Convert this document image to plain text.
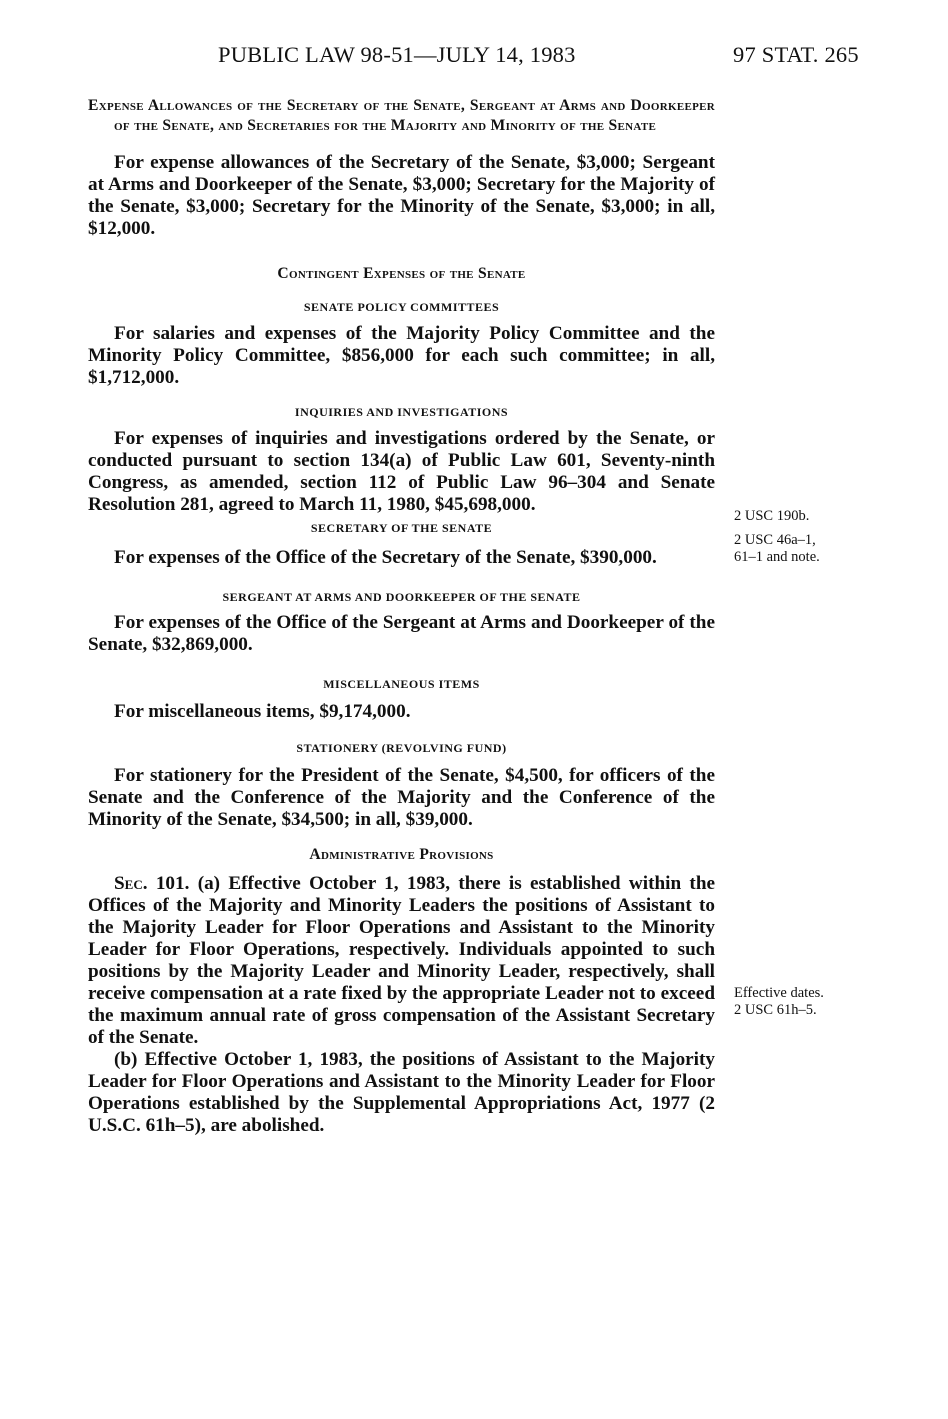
PUBLIC LAW 98-51—JULY 14, 1983	97 STAT. 265
Expense Allowances of the Secretary of the Senate, Sergeant at Arms and Doorkeeper of the Senate, and Secretaries for the Majority and Minority of the Senate

For expense allowances of the Secretary of the Senate, $3,000; Sergeant at Arms and Doorkeeper of the Senate, $3,000; Secretary for the Majority of the Senate, $3,000; Secretary for the Minority of the Senate, $3,000; in all, $12,000.

Contingent Expenses of the Senate
SENATE POLICY COMMITTEES

For salaries and expenses of the Majority Policy Committee and the Minority Policy Committee, $856,000 for each such committee; in all, $1,712,000.

INQUIRIES AND INVESTIGATIONS

For expenses of inquiries and investigations ordered by the Senate, or conducted pursuant to section 134(a) of Public Law 601, Seventy-ninth Congress, as amended, section 112 of Public Law 96–304 and Senate Resolution 281, agreed to March 11, 1980, $45,698,000.

SECRETARY OF THE SENATE

For expenses of the Office of the Secretary of the Senate, $390,000.

SERGEANT AT ARMS AND DOORKEEPER OF THE SENATE

For expenses of the Office of the Sergeant at Arms and Doorkeeper of the Senate, $32,869,000.

MISCELLANEOUS ITEMS

For miscellaneous items, $9,174,000.

STATIONERY (REVOLVING FUND)

For stationery for the President of the Senate, $4,500, for officers of the Senate and the Conference of the Majority and the Conference of the Minority of the Senate, $34,500; in all, $39,000.

Administrative Provisions

Sec. 101. (a) Effective October 1, 1983, there is established within the Offices of the Majority and Minority Leaders the positions of Assistant to the Majority Leader for Floor Operations and Assistant to the Minority Leader for Floor Operations, respectively. Individuals appointed to such positions by the Majority Leader and Minority Leader, respectively, shall receive compensation at a rate fixed by the appropriate Leader not to exceed the maximum annual rate of gross compensation of the Assistant Secretary of the Senate.

(b) Effective October 1, 1983, the positions of Assistant to the Majority Leader for Floor Operations and Assistant to the Minority Leader for Floor Operations established by the Supplemental Appropriations Act, 1977 (2 U.S.C. 61h–5), are abolished.

2 USC 190b.
2 USC 46a–1,
61–1 and note.
Effective dates.
2 USC 61h–5.
